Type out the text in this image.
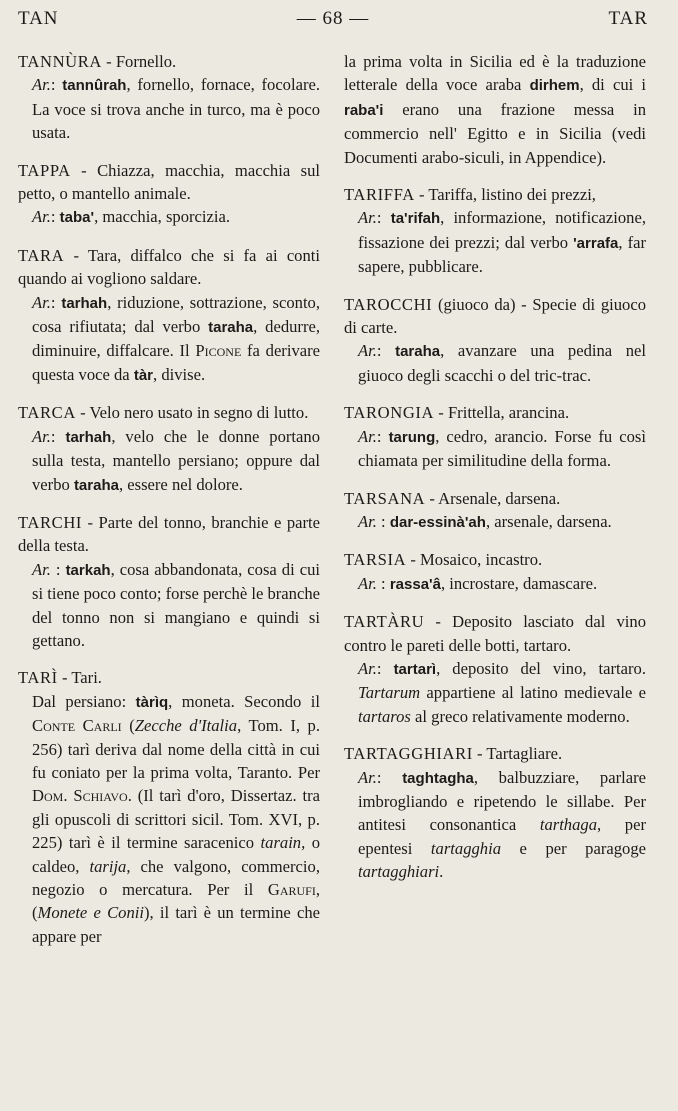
TAN	— 68 —	TAR

TANNÙRA - Fornello.

Ar.: tannûrah, fornello, fornace, focolare. La voce si trova anche in turco, ma è poco usata.

TAPPA - Chiazza, macchia, macchia sul petto, o mantello animale.

Ar.: taba', macchia, sporcizia.

TARA - Tara, diffalco che si fa ai conti quando ai vogliono saldare.

Ar.: tarhah, riduzione, sottrazione, sconto, cosa rifiutata; dal verbo taraha, dedurre, diminuire, diffalcare. Il Picone fa derivare questa voce da tàr, divise.

TARCA - Velo nero usato in segno di lutto.

Ar.: tarhah, velo che le donne portano sulla testa, mantello persiano; oppure dal verbo taraha, essere nel dolore.

TARCHI - Parte del tonno, branchie e parte della testa.

Ar. : tarkah, cosa abbandonata, cosa di cui si tiene poco conto; forse perchè le branche del tonno non si mangiano e quindi si gettano.

TARÌ - Tari.

Dal persiano: tàrìq, moneta. Secondo il Conte Carli (Zecche d'Italia, Tom. I, p. 256) tarì deriva dal nome della città in cui fu coniato per la prima volta, Taranto. Per Dom. Schiavo. (Il tarì d'oro, Dissertaz. tra gli opuscoli di scrittori sicil. Tom. XVI, p. 225) tarì è il termine saracenico tarain, o caldeo, tarija, che valgono, commercio, negozio o mercatura. Per il Garufi, (Monete e Conii), il tarì è un termine che appare per

la prima volta in Sicilia ed è la traduzione letterale della voce araba dirhem, di cui i raba'i erano una frazione messa in commercio nell' Egitto e in Sicilia (vedi Documenti arabo-siculi, in Appendice).

TARIFFA - Tariffa, listino dei prezzi,

Ar.: ta'rifah, informazione, notificazione, fissazione dei prezzi; dal verbo 'arrafa, far sapere, pubblicare.

TAROCCHI (giuoco da) - Specie di giuoco di carte.

Ar.: taraha, avanzare una pedina nel giuoco degli scacchi o del tric-trac.

TARONGIA - Frittella, arancina.

Ar.: tarung, cedro, arancio. Forse fu così chiamata per similitudine della forma.

TARSANA - Arsenale, darsena.

Ar. : dar-essinà'ah, arsenale, darsena.

TARSIA - Mosaico, incastro.

Ar. : rassa'â, incrostare, damascare.

TARTÀRU - Deposito lasciato dal vino contro le pareti delle botti, tartaro.

Ar.: tartarì, deposito del vino, tartaro. Tartarum appartiene al latino medievale e tartaros al greco relativamente moderno.

TARTAGGHIARI - Tartagliare.

Ar.: taghtagha, balbuzziare, parlare imbrogliando e ripetendo le sillabe. Per antitesi consonantica tarthaga, per epentesi tartagghia e per paragoge tartagghiari.
